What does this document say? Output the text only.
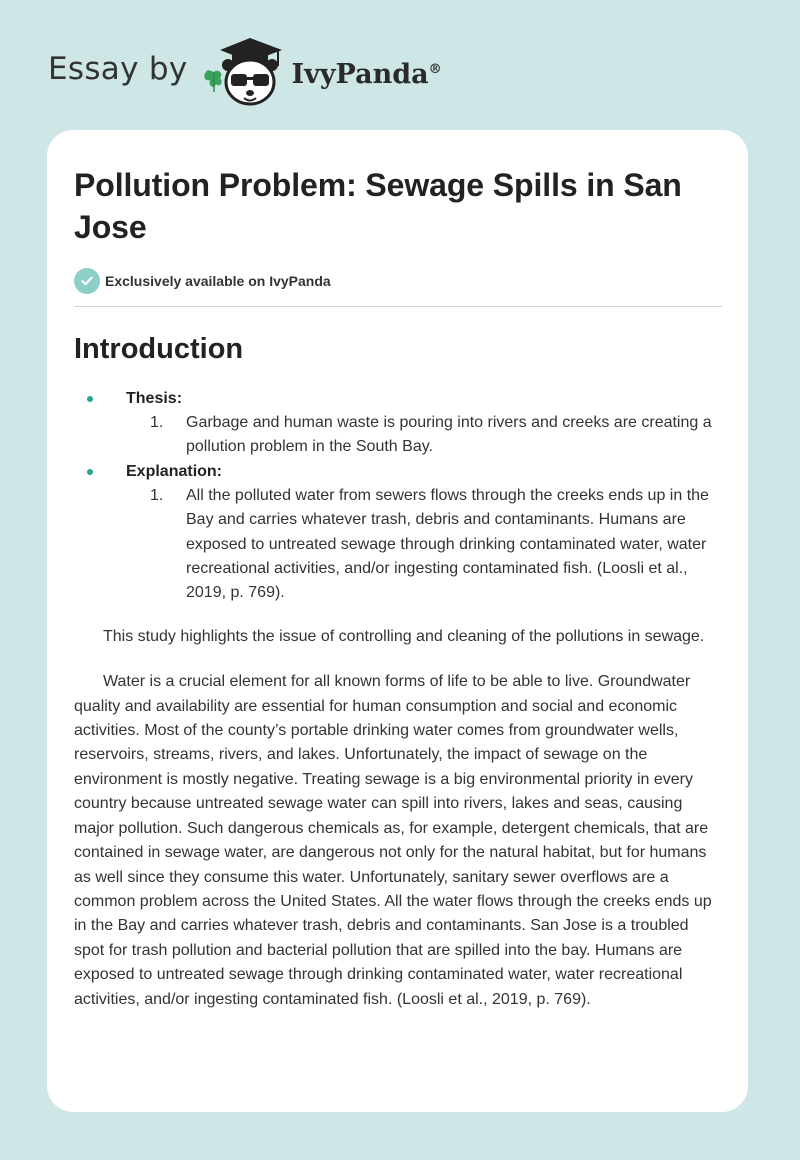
Essay by	IvyPanda®
Pollution Problem: Sewage Spills in San Jose
Exclusively available on IvyPanda
Introduction
Thesis:
1. Garbage and human waste is pouring into rivers and creeks are creating a pollution problem in the South Bay.
Explanation:
1. All the polluted water from sewers flows through the creeks ends up in the Bay and carries whatever trash, debris and contaminants. Humans are exposed to untreated sewage through drinking contaminated water, water recreational activities, and/or ingesting contaminated fish. (Loosli et al., 2019, p. 769).

This study highlights the issue of controlling and cleaning of the pollutions in sewage.

Water is a crucial element for all known forms of life to be able to live. Groundwater quality and availability are essential for human consumption and social and economic activities. Most of the county’s portable drinking water comes from groundwater wells, reservoirs, streams, rivers, and lakes. Unfortunately, the impact of sewage on the environment is mostly negative. Treating sewage is a big environmental priority in every country because untreated sewage water can spill into rivers, lakes and seas, causing major pollution. Such dangerous chemicals as, for example, detergent chemicals, that are contained in sewage water, are dangerous not only for the natural habitat, but for humans as well since they consume this water. Unfortunately, sanitary sewer overflows are a common problem across the United States. All the water flows through the creeks ends up in the Bay and carries whatever trash, debris and contaminants. San Jose is a troubled spot for trash pollution and bacterial pollution that are spilled into the bay. Humans are exposed to untreated sewage through drinking contaminated water, water recreational activities, and/or ingesting contaminated fish. (Loosli et al., 2019, p. 769).
